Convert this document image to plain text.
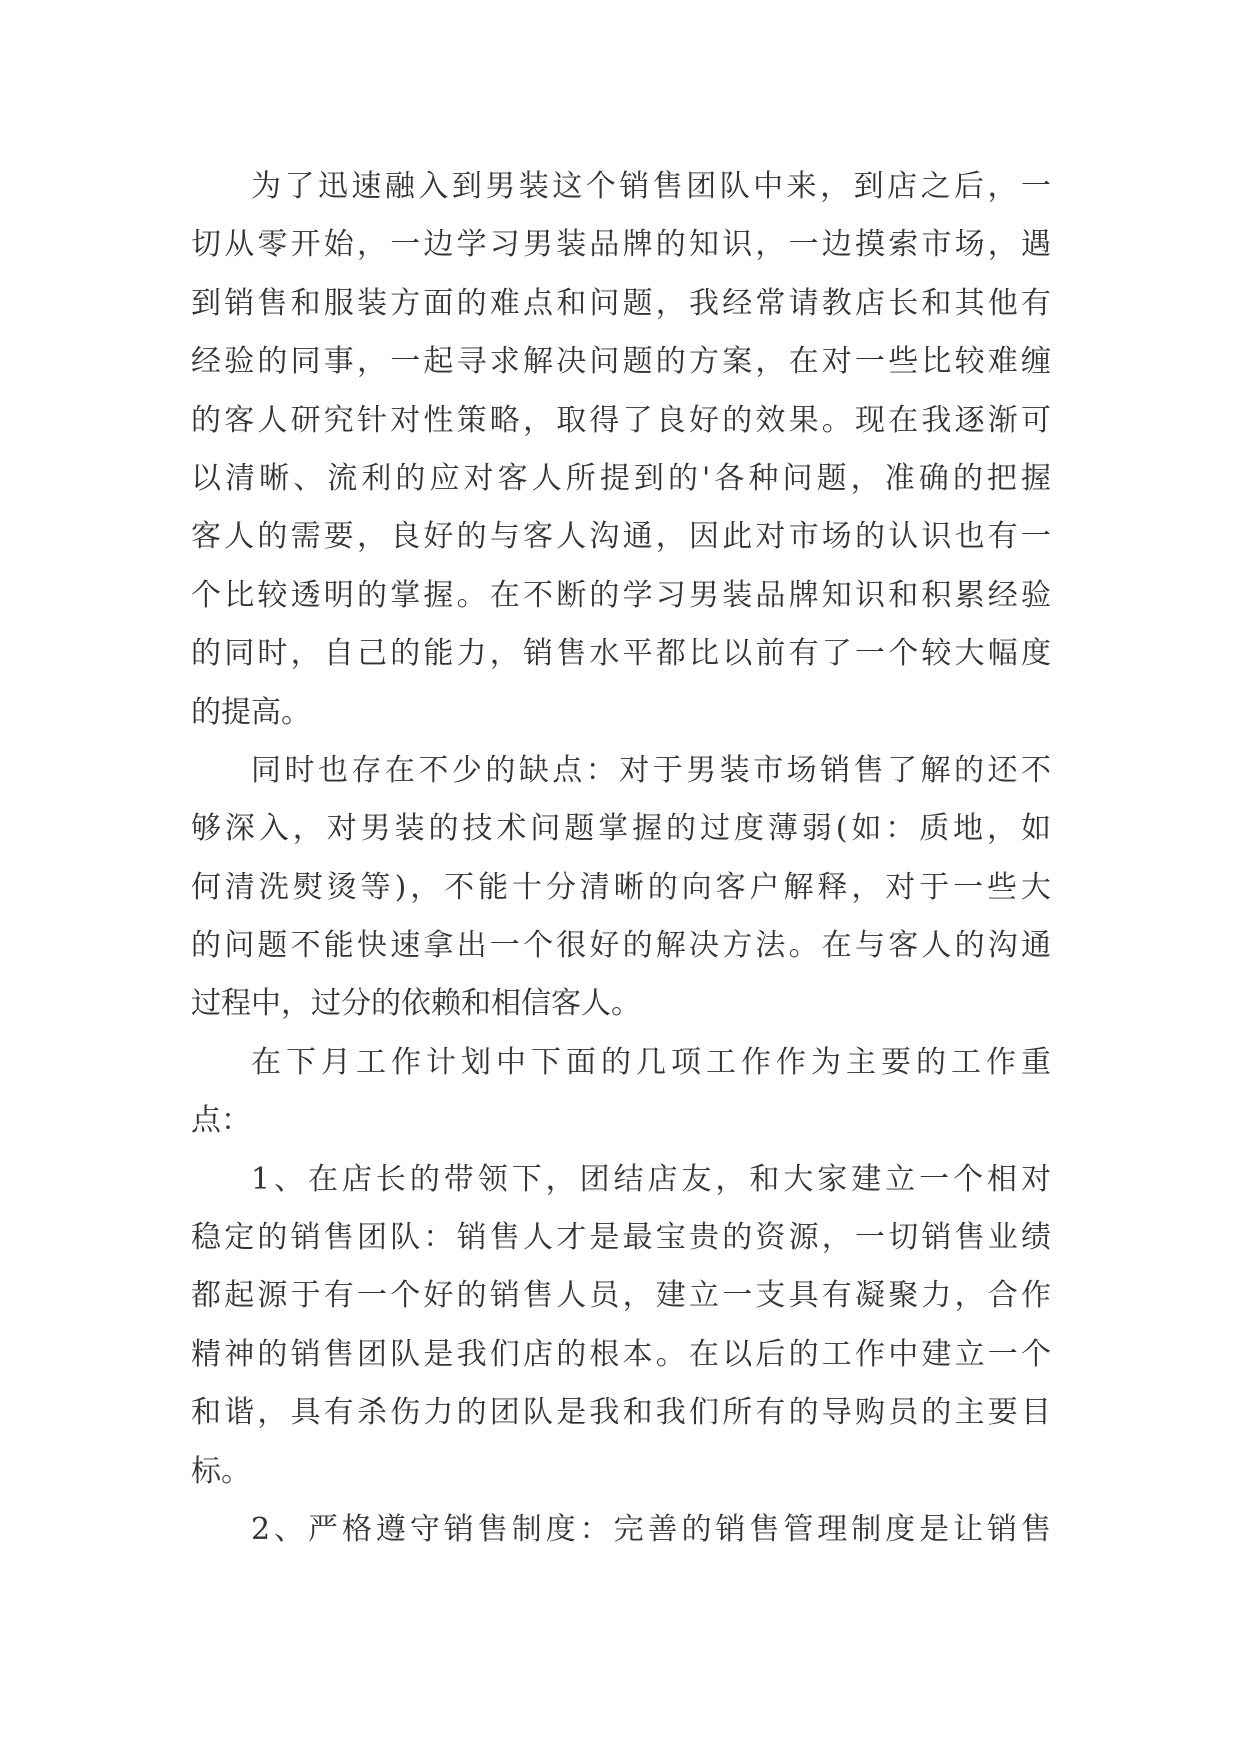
为了迅速融入到男装这个销售团队中来，到店之后，一
切从零开始，一边学习男装品牌的知识，一边摸索市场，遇
到销售和服装方面的难点和问题，我经常请教店长和其他有
经验的同事，一起寻求解决问题的方案，在对一些比较难缠
的客人研究针对性策略，取得了良好的效果。现在我逐渐可
以清晰、流利的应对客人所提到的'各种问题，准确的把握
客人的需要，良好的与客人沟通，因此对市场的认识也有一
个比较透明的掌握。在不断的学习男装品牌知识和积累经验
的同时，自己的能力，销售水平都比以前有了一个较大幅度
的提高。
同时也存在不少的缺点：对于男装市场销售了解的还不
够深入，对男装的技术问题掌握的过度薄弱(如：质地，如
何清洗熨烫等)，不能十分清晰的向客户解释，对于一些大
的问题不能快速拿出一个很好的解决方法。在与客人的沟通
过程中，过分的依赖和相信客人。
在下月工作计划中下面的几项工作作为主要的工作重
点：
1、在店长的带领下，团结店友，和大家建立一个相对
稳定的销售团队：销售人才是最宝贵的资源，一切销售业绩
都起源于有一个好的销售人员，建立一支具有凝聚力，合作
精神的销售团队是我们店的根本。在以后的工作中建立一个
和谐，具有杀伤力的团队是我和我们所有的导购员的主要目
标。
2、严格遵守销售制度：完善的销售管理制度是让销售
